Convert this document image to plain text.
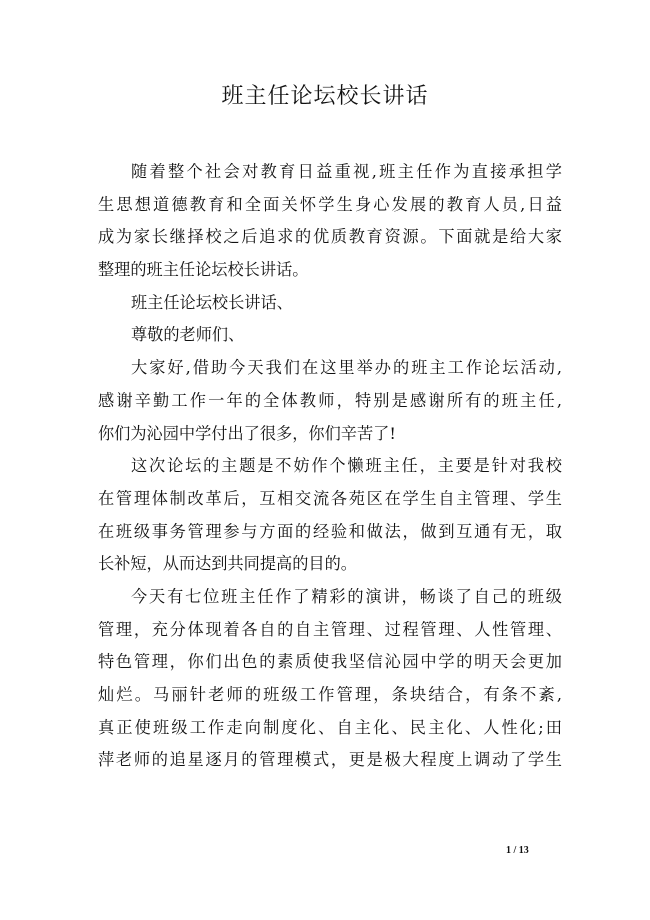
班主任论坛校长讲话
随着整个社会对教育日益重视,班主任作为直接承担学
生思想道德教育和全面关怀学生身心发展的教育人员,日益
成为家长继择校之后追求的优质教育资源。下面就是给大家
整理的班主任论坛校长讲话。
班主任论坛校长讲话、
尊敬的老师们、
大家好,借助今天我们在这里举办的班主工作论坛活动,
感谢辛勤工作一年的全体教师，特别是感谢所有的班主任,
你们为沁园中学付出了很多，你们辛苦了!
这次论坛的主题是不妨作个懒班主任，主要是针对我校
在管理体制改革后，互相交流各苑区在学生自主管理、学生
在班级事务管理参与方面的经验和做法，做到互通有无，取
长补短，从而达到共同提高的目的。
今天有七位班主任作了精彩的演讲，畅谈了自己的班级
管理，充分体现着各自的自主管理、过程管理、人性管理、
特色管理，你们出色的素质使我坚信沁园中学的明天会更加
灿烂。马丽针老师的班级工作管理，条块结合，有条不紊,
真正使班级工作走向制度化、自主化、民主化、人性化;田
萍老师的追星逐月的管理模式，更是极大程度上调动了学生
1 / 13
